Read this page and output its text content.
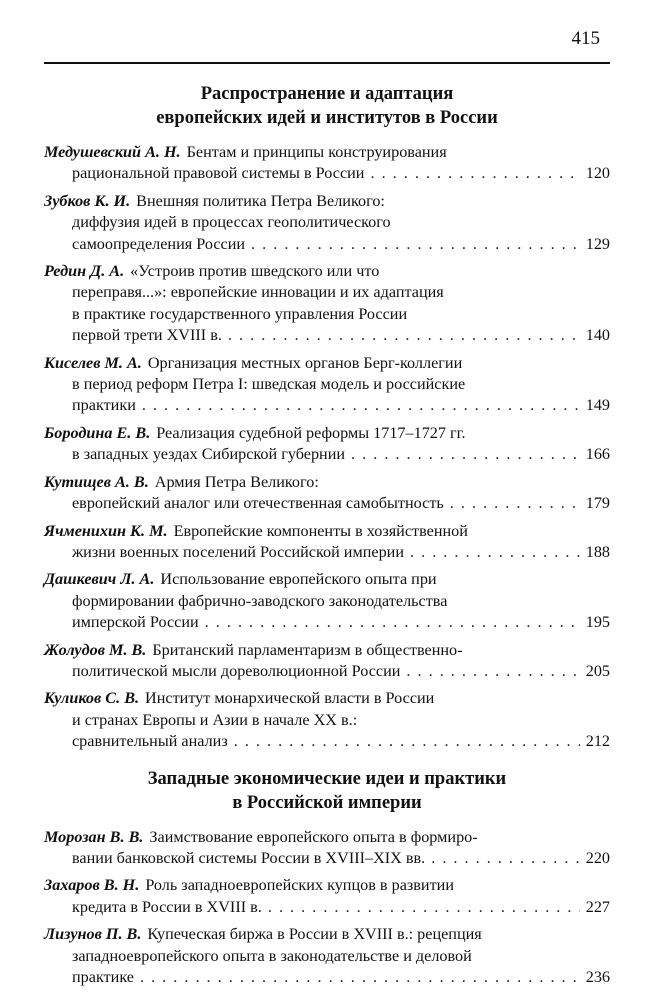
415
Распространение и адаптация
европейских идей и институтов в России
Медушевский А. Н. Бентам и принципы конструирования
рациональной правовой системы в России . . .	120
Зубков К. И. Внешняя политика Петра Великого:
диффузия идей в процессах геополитического
самоопределения России . . .	129
Редин Д. А. «Устроив против шведского или что
переправя...»: европейские инновации и их адаптация
в практике государственного управления России
первой трети XVIII в. . . .	140
Киселев М. А. Организация местных органов Берг-коллегии
в период реформ Петра I: шведская модель и российские
практики . . .	149
Бородина Е. В. Реализация судебной реформы 1717–1727 гг.
в западных уездах Сибирской губернии . . .	166
Кутищев А. В. Армия Петра Великого:
европейский аналог или отечественная самобытность . . .	179
Ячменихин К. М. Европейские компоненты в хозяйственной
жизни военных поселений Российской империи . . .	188
Дашкевич Л. А. Использование европейского опыта при
формировании фабрично-заводского законодательства
имперской России . . .	195
Жолудов М. В. Британский парламентаризм в общественно-
политической мысли дореволюционной России . . .	205
Куликов С. В. Институт монархической власти в России
и странах Европы и Азии в начале XX в.:
сравнительный анализ . . .	212
Западные экономические идеи и практики
в Российской империи
Морозан В. В. Заимствование европейского опыта в формиро-
вании банковской системы России в XVIII–XIX вв. . . .	220
Захаров В. Н. Роль западноевропейских купцов в развитии
кредита в России в XVIII в. . . .	227
Лизунов П. В. Купеческая биржа в России в XVIII в.: рецепция
западноевропейского опыта в законодательстве и деловой
практике . . .	236
